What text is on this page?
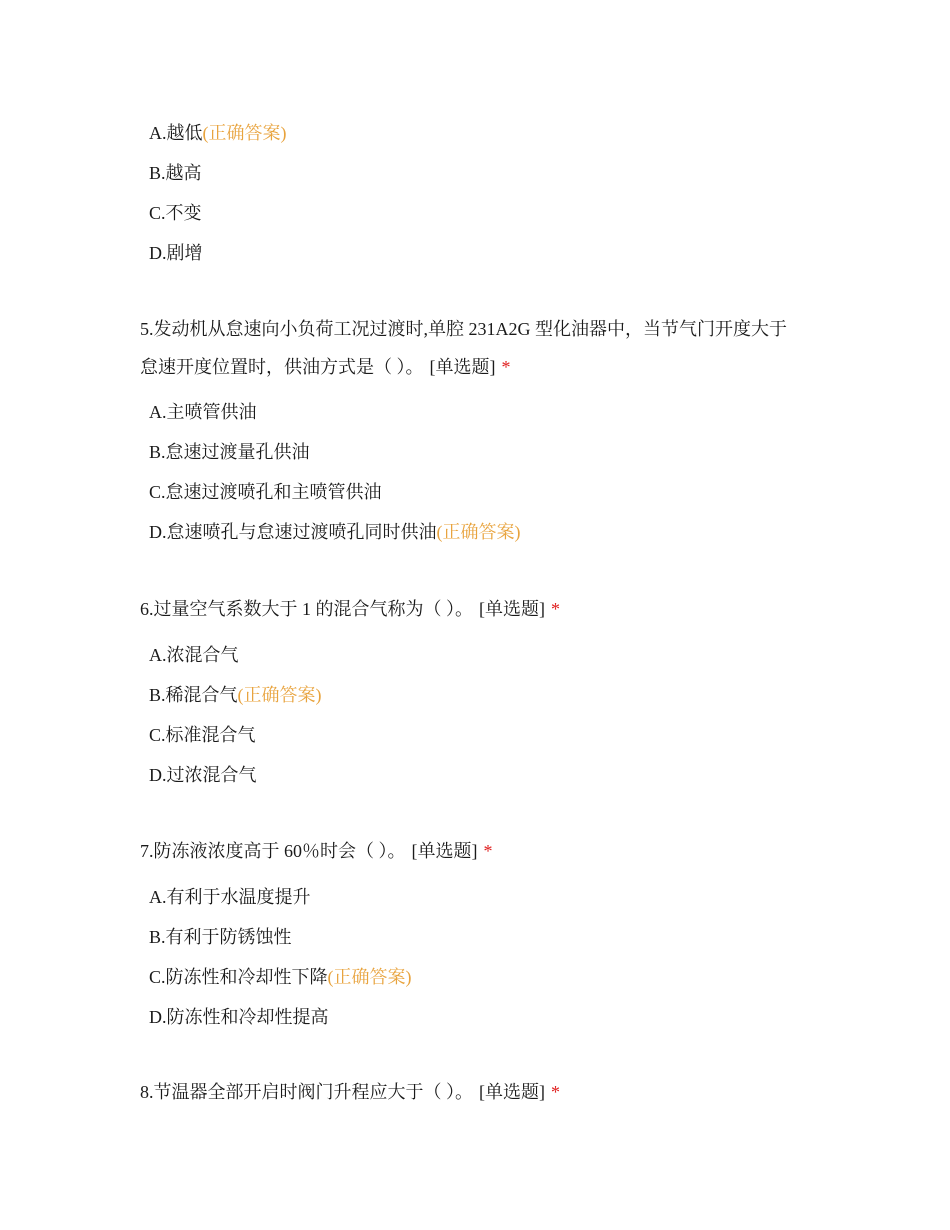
A.越低 (正确答案)
B.越高
C.不变
D.剧增

5.发动机从怠速向小负荷工况过渡时,单腔 231A2G 型化油器中，当节气门开度大于
怠速开度位置时，供油方式是（ ）。 [单选题] *

A.主喷管供油
B.怠速过渡量孔供油
C.怠速过渡喷孔和主喷管供油
D.怠速喷孔与怠速过渡喷孔同时供油 (正确答案)

6.过量空气系数大于 1 的混合气称为（ ）。 [单选题] *

A.浓混合气
B.稀混合气 (正确答案)
C.标准混合气
D.过浓混合气

7.防冻液浓度高于 60％时会（ ）。 [单选题] *

A.有利于水温度提升
B.有利于防锈蚀性
C.防冻性和冷却性下降 (正确答案)
D.防冻性和冷却性提高

8.节温器全部开启时阀门升程应大于（ ）。 [单选题] *
